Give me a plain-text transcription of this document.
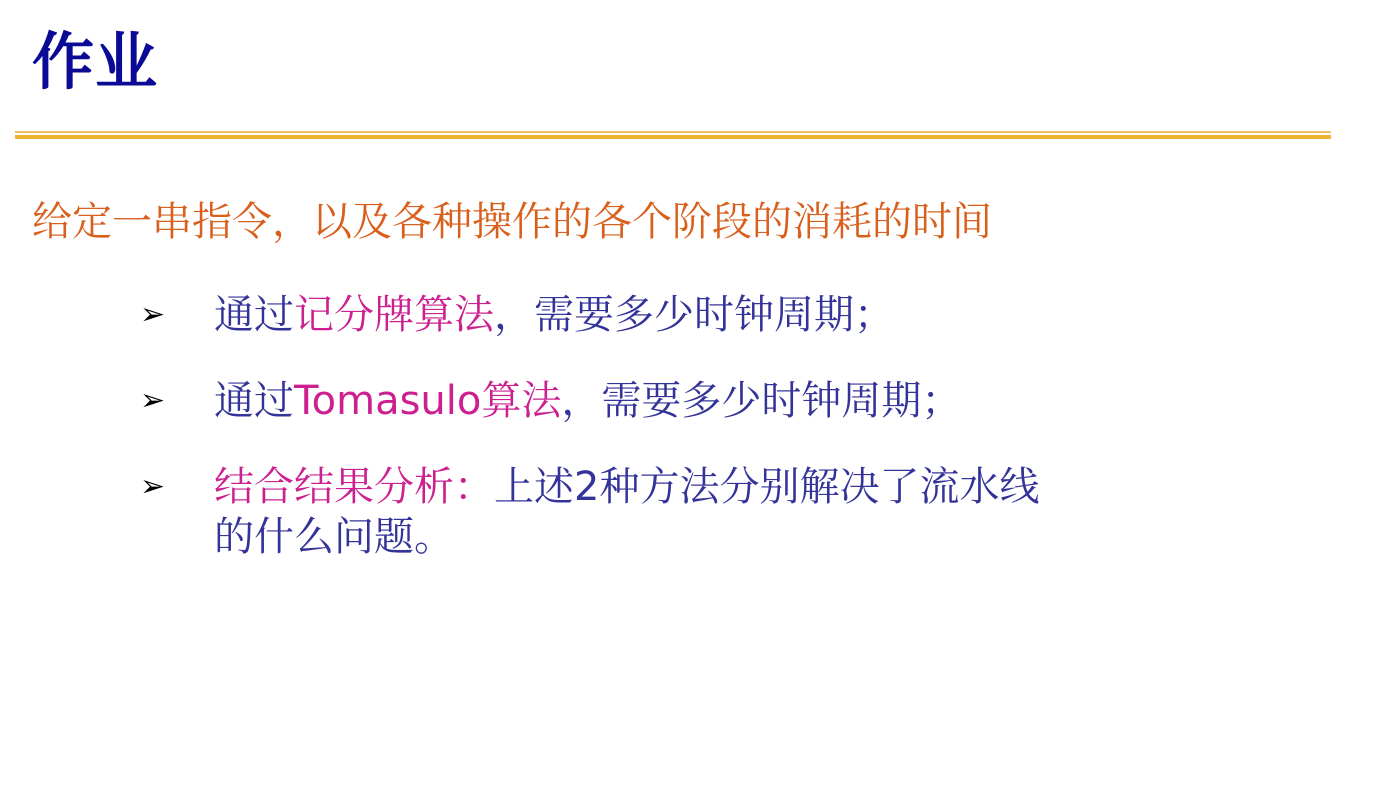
作业
给定一串指令，以及各种操作的各个阶段的消耗的时间
➢ 通过记分牌算法，需要多少时钟周期；
➢ 通过Tomasulo算法，需要多少时钟周期；
➢ 结合结果分析：上述2种方法分别解决了流水线
的什么问题。
